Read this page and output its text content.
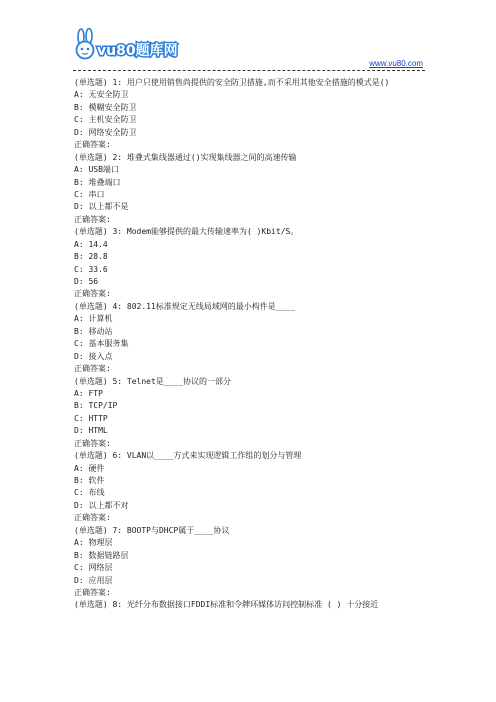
vu80题库网
www.vu80.com
(单选题) 1: 用户只使用销售尚提供的安全防卫措施,而不采用其他安全措施的模式是()
A: 无安全防卫
B: 模糊安全防卫
C: 主机安全防卫
D: 网络安全防卫
正确答案:
(单选题) 2: 堆叠式集线器通过()实现集线器之间的高速传输
A: USB端口
B: 堆叠端口
C: 串口
D: 以上都不是
正确答案:
(单选题) 3: Modem能够提供的最大传输速率为( )Kbit/S。
A: 14.4
B: 28.8
C: 33.6
D: 56
正确答案:
(单选题) 4: 802.11标准规定无线局域网的最小构件是____
A: 计算机
B: 移动站
C: 基本服务集
D: 接入点
正确答案:
(单选题) 5: Telnet是____协议的一部分
A: FTP
B: TCP/IP
C: HTTP
D: HTML
正确答案:
(单选题) 6: VLAN以____方式来实现逻辑工作组的划分与管理
A: 硬件
B: 软件
C: 布线
D: 以上都不对
正确答案:
(单选题) 7: BOOTP与DHCP属于____协议
A: 物理层
B: 数据链路层
C: 网络层
D: 应用层
正确答案:
(单选题) 8: 光纤分布数据接口FDDI标准和令牌环媒体访问控制标准 ( ) 十分接近
